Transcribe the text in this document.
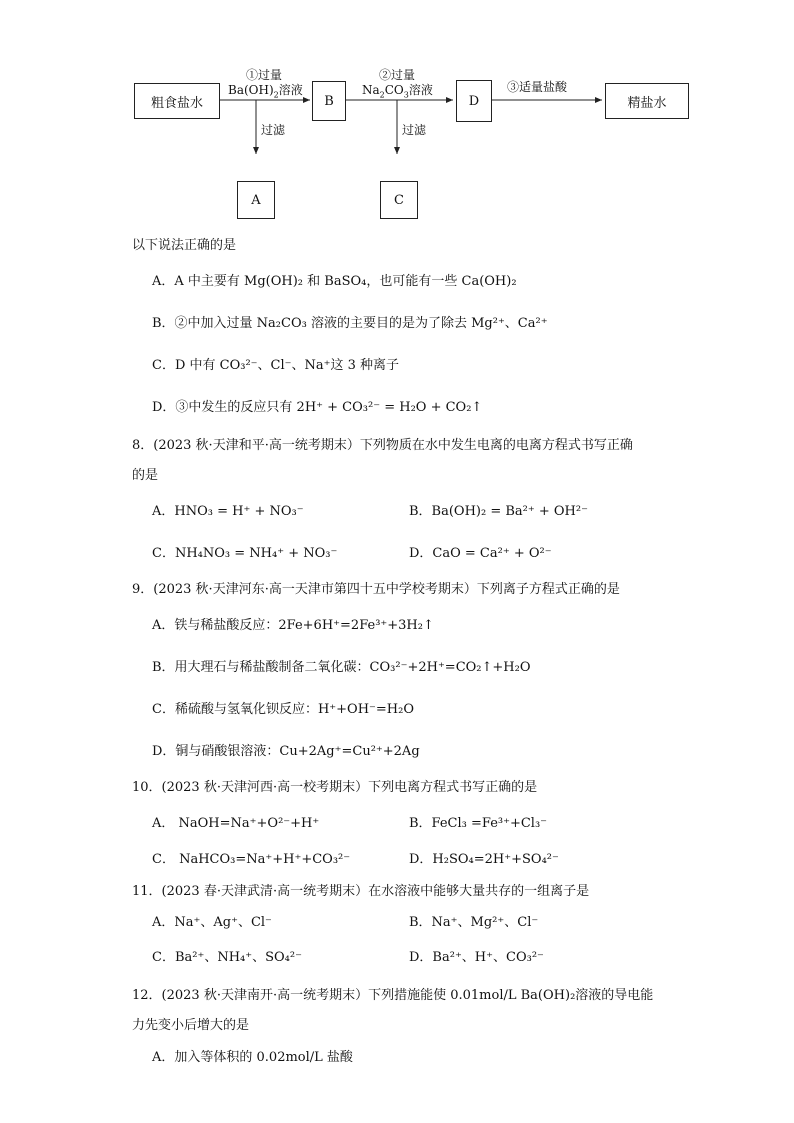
粗食盐水	B	D	精盐水
A	C
①过量
$Ba(OH)_2$溶液
②过量
$Na_2CO_3$溶液	③适量盐酸
过滤	过滤
以下说法正确的是
A．A 中主要有 Mg(OH)₂ 和 BaSO₄，也可能有一些 Ca(OH)₂
B．②中加入过量 Na₂CO₃ 溶液的主要目的是为了除去 Mg²⁺、Ca²⁺
C．D 中有 CO₃²⁻、Cl⁻、Na⁺这 3 种离子
D．③中发生的反应只有 2H⁺ + CO₃²⁻ = H₂O + CO₂↑
8．(2023 秋·天津和平·高一统考期末）下列物质在水中发生电离的电离方程式书写正确
的是
A．HNO₃ = H⁺ + NO₃⁻	B．Ba(OH)₂ = Ba²⁺ + OH²⁻
C．NH₄NO₃ = NH₄⁺ + NO₃⁻	D．CaO = Ca²⁺ + O²⁻
9．(2023 秋·天津河东·高一天津市第四十五中学校考期末）下列离子方程式正确的是
A．铁与稀盐酸反应：2Fe+6H⁺=2Fe³⁺+3H₂↑
B．用大理石与稀盐酸制备二氧化碳：CO₃²⁻+2H⁺=CO₂↑+H₂O
C．稀硫酸与氢氧化钡反应：H⁺+OH⁻=H₂O
D．铜与硝酸银溶液：Cu+2Ag⁺=Cu²⁺+2Ag
10．(2023 秋·天津河西·高一校考期末）下列电离方程式书写正确的是
A． NaOH=Na⁺+O²⁻+H⁺	B．FeCl₃ =Fe³⁺+Cl₃⁻
C． NaHCO₃=Na⁺+H⁺+CO₃²⁻	D．H₂SO₄=2H⁺+SO₄²⁻
11．(2023 春·天津武清·高一统考期末）在水溶液中能够大量共存的一组离子是
A．Na⁺、Ag⁺、Cl⁻	B．Na⁺、Mg²⁺、Cl⁻
C．Ba²⁺、NH₄⁺、SO₄²⁻	D．Ba²⁺、H⁺、CO₃²⁻
12．(2023 秋·天津南开·高一统考期末）下列措施能使 0.01mol/L Ba(OH)₂溶液的导电能
力先变小后增大的是
A．加入等体积的 0.02mol/L 盐酸
